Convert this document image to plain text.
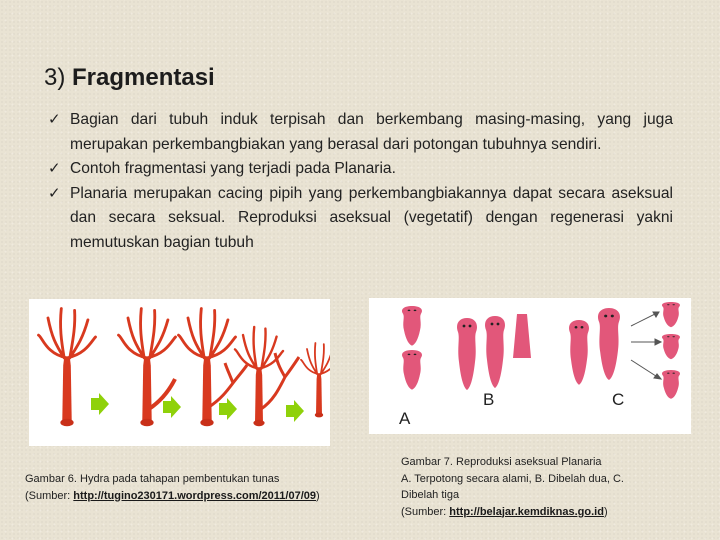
3) Fragmentasi
✓ Bagian dari tubuh induk terpisah dan berkembang masing-masing, yang juga merupakan perkembangbiakan yang berasal dari potongan tubuhnya sendiri.
✓ Contoh fragmentasi yang terjadi pada Planaria.
✓ Planaria merupakan cacing pipih yang perkembangbiakannya dapat secara aseksual dan secara seksual. Reproduksi aseksual (vegetatif) dengan regenerasi yakni memutuskan bagian tubuh
A
B	C
Gambar 6. Hydra pada tahapan pembentukan tunas
(Sumber: http://tugino230171.wordpress.com/2011/07/09)
Gambar 7. Reproduksi aseksual Planaria
A. Terpotong secara alami, B. Dibelah dua, C.
Dibelah tiga
(Sumber: http://belajar.kemdiknas.go.id)
